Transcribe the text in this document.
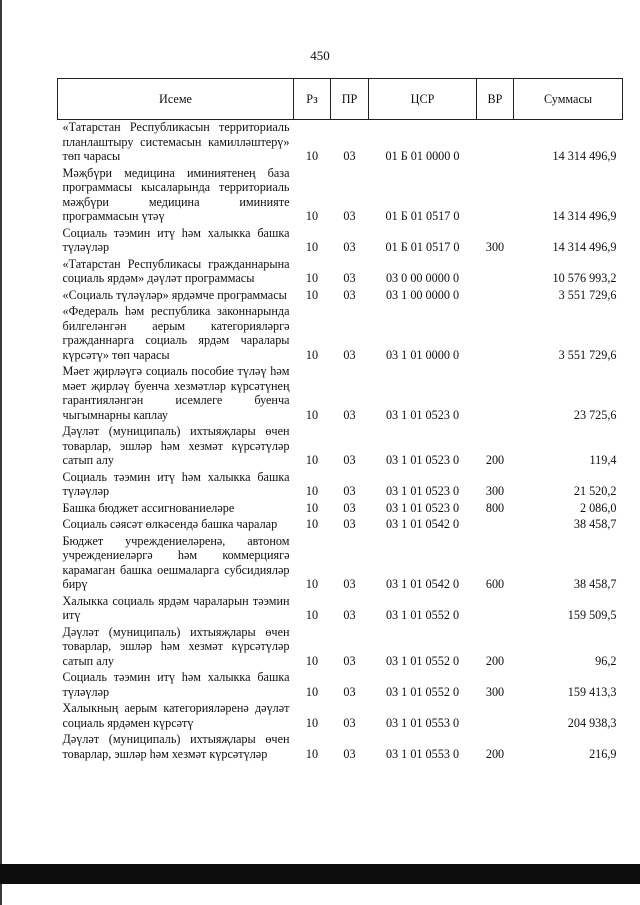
450
Исеме	Рз	ПР	ЦСР	ВР	Суммасы
«Татарстан Республикасын территориаль планлаштыру системасын камилләштерү» төп чарасы	10	03	01 Б 01 0000 0		14 314 496,9
Мәҗбүри медицина иминиятенең база программасы кысаларында территориаль мәҗбүри медицина иминияте программасын үтәү	10	03	01 Б 01 0517 0		14 314 496,9
Социаль тәэмин итү һәм халыкка башка түләүләр	10	03	01 Б 01 0517 0	300	14 314 496,9
«Татарстан Республикасы гражданнарына социаль ярдәм» дәүләт программасы	10	03	03 0 00 0000 0		10 576 993,2
«Социаль түләүләр» ярдәмче программасы	10	03	03 1 00 0000 0		3 551 729,6
«Федераль һәм республика законнарында билгеләнгән аерым категорияләргә гражданнарга социаль ярдәм чаралары күрсәтү» төп чарасы	10	03	03 1 01 0000 0		3 551 729,6
Мәет җирләүгә социаль пособие түләү һәм мәет җирләү буенча хезмәтләр күрсәтүнең гарантияләнгән исемлеге буенча чыгымнарны каплау	10	03	03 1 01 0523 0		23 725,6
Дәүләт (муниципаль) ихтыяҗлары өчен товарлар, эшләр һәм хезмәт күрсәтүләр сатып алу	10	03	03 1 01 0523 0	200	119,4
Социаль тәэмин итү һәм халыкка башка түләүләр	10	03	03 1 01 0523 0	300	21 520,2
Башка бюджет ассигнованиеләре	10	03	03 1 01 0523 0	800	2 086,0
Социаль сәясәт өлкәсендә башка чаралар	10	03	03 1 01 0542 0		38 458,7
Бюджет учреждениеләренә, автоном учреждениеләргә һәм коммерциягә карамаган башка оешмаларга субсидияләр бирү	10	03	03 1 01 0542 0	600	38 458,7
Халыкка социаль ярдәм чараларын тәэмин итү	10	03	03 1 01 0552 0		159 509,5
Дәүләт (муниципаль) ихтыяҗлары өчен товарлар, эшләр һәм хезмәт күрсәтүләр сатып алу	10	03	03 1 01 0552 0	200	96,2
Социаль тәэмин итү һәм халыкка башка түләүләр	10	03	03 1 01 0552 0	300	159 413,3
Халыкның аерым категорияләренә дәүләт социаль ярдәмен күрсәтү	10	03	03 1 01 0553 0		204 938,3
Дәүләт (муниципаль) ихтыяҗлары өчен товарлар, эшләр һәм хезмәт күрсәтүләр	10	03	03 1 01 0553 0	200	216,9
